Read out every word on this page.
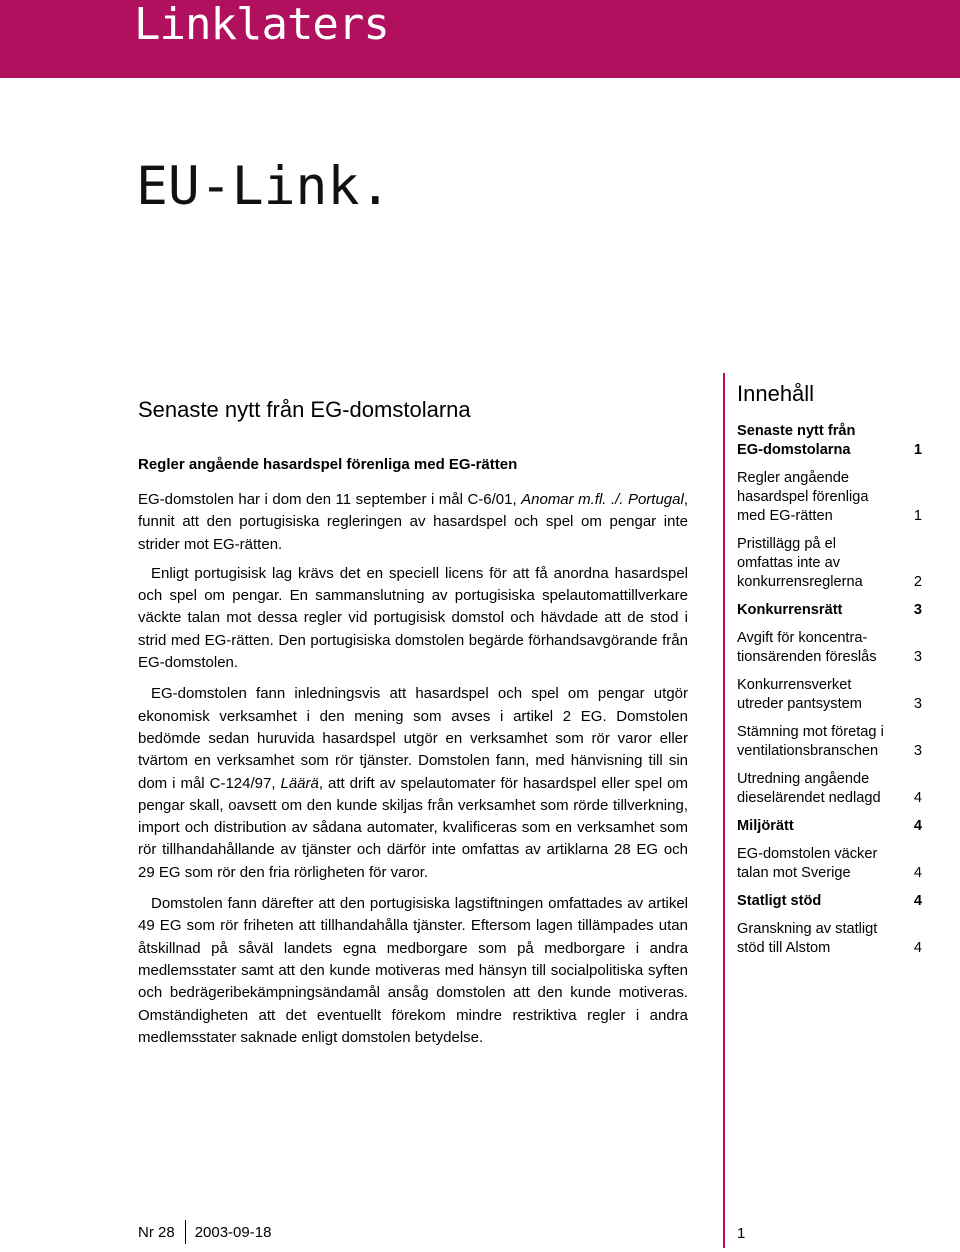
Linklaters
EU-Link.
Senaste nytt från EG-domstolarna
Regler angående hasardspel förenliga med EG-rätten

EG-domstolen har i dom den 11 september i mål C-6/01, Anomar m.fl. ./. Portugal, funnit att den portugisiska regleringen av hasardspel och spel om pengar inte strider mot EG-rätten.

Enligt portugisisk lag krävs det en speciell licens för att få anordna hasardspel och spel om pengar. En sammanslutning av portugisiska spelautomattillverkare väckte talan mot dessa regler vid portugisisk domstol och hävdade att de stod i strid med EG-rätten. Den portugisiska domstolen begärde förhandsavgörande från EG-domstolen.

EG-domstolen fann inledningsvis att hasardspel och spel om pengar utgör ekonomisk verksamhet i den mening som avses i artikel 2 EG. Domstolen bedömde sedan huruvida hasardspel utgör en verksamhet som rör varor eller tvärtom en verksamhet som rör tjänster. Domstolen fann, med hänvisning till sin dom i mål C-124/97, Läärä, att drift av spelautomater för hasardspel eller spel om pengar skall, oavsett om den kunde skiljas från verksamhet som rörde tillverkning, import och distribution av sådana automater, kvalificeras som en verksamhet som rör tillhandahållande av tjänster och därför inte omfattas av artiklarna 28 EG och 29 EG som rör den fria rörligheten för varor.

Domstolen fann därefter att den portugisiska lagstiftningen omfattades av artikel 49 EG som rör friheten att tillhandahålla tjänster. Eftersom lagen tillämpades utan åtskillnad på såväl landets egna medborgare som på medborgare i andra medlemsstater samt att den kunde motiveras med hänsyn till socialpolitiska syften och bedrägeribekämpningsändamål ansåg domstolen att den kunde motiveras. Omständigheten att det eventuellt förekom mindre restriktiva regler i andra medlemsstater saknade enligt domstolen betydelse.

Innehåll
Senaste nytt från
EG-domstolarna	1
Regler angående
hasardspel förenliga
med EG-rätten	1
Pristillägg på el
omfattas inte av
konkurrensreglerna	2
Konkurrensrätt	3
Avgift för koncentra-
tionsärenden föreslås	3
Konkurrensverket
utreder pantsystem	3
Stämning mot företag i
ventilationsbranschen	3
Utredning angående
dieselärendet nedlagd 4
Miljörätt	4
EG-domstolen väcker
talan mot Sverige	4
Statligt stöd	4
Granskning av statligt
stöd till Alstom	4
Nr 28 2003-09-18	1
